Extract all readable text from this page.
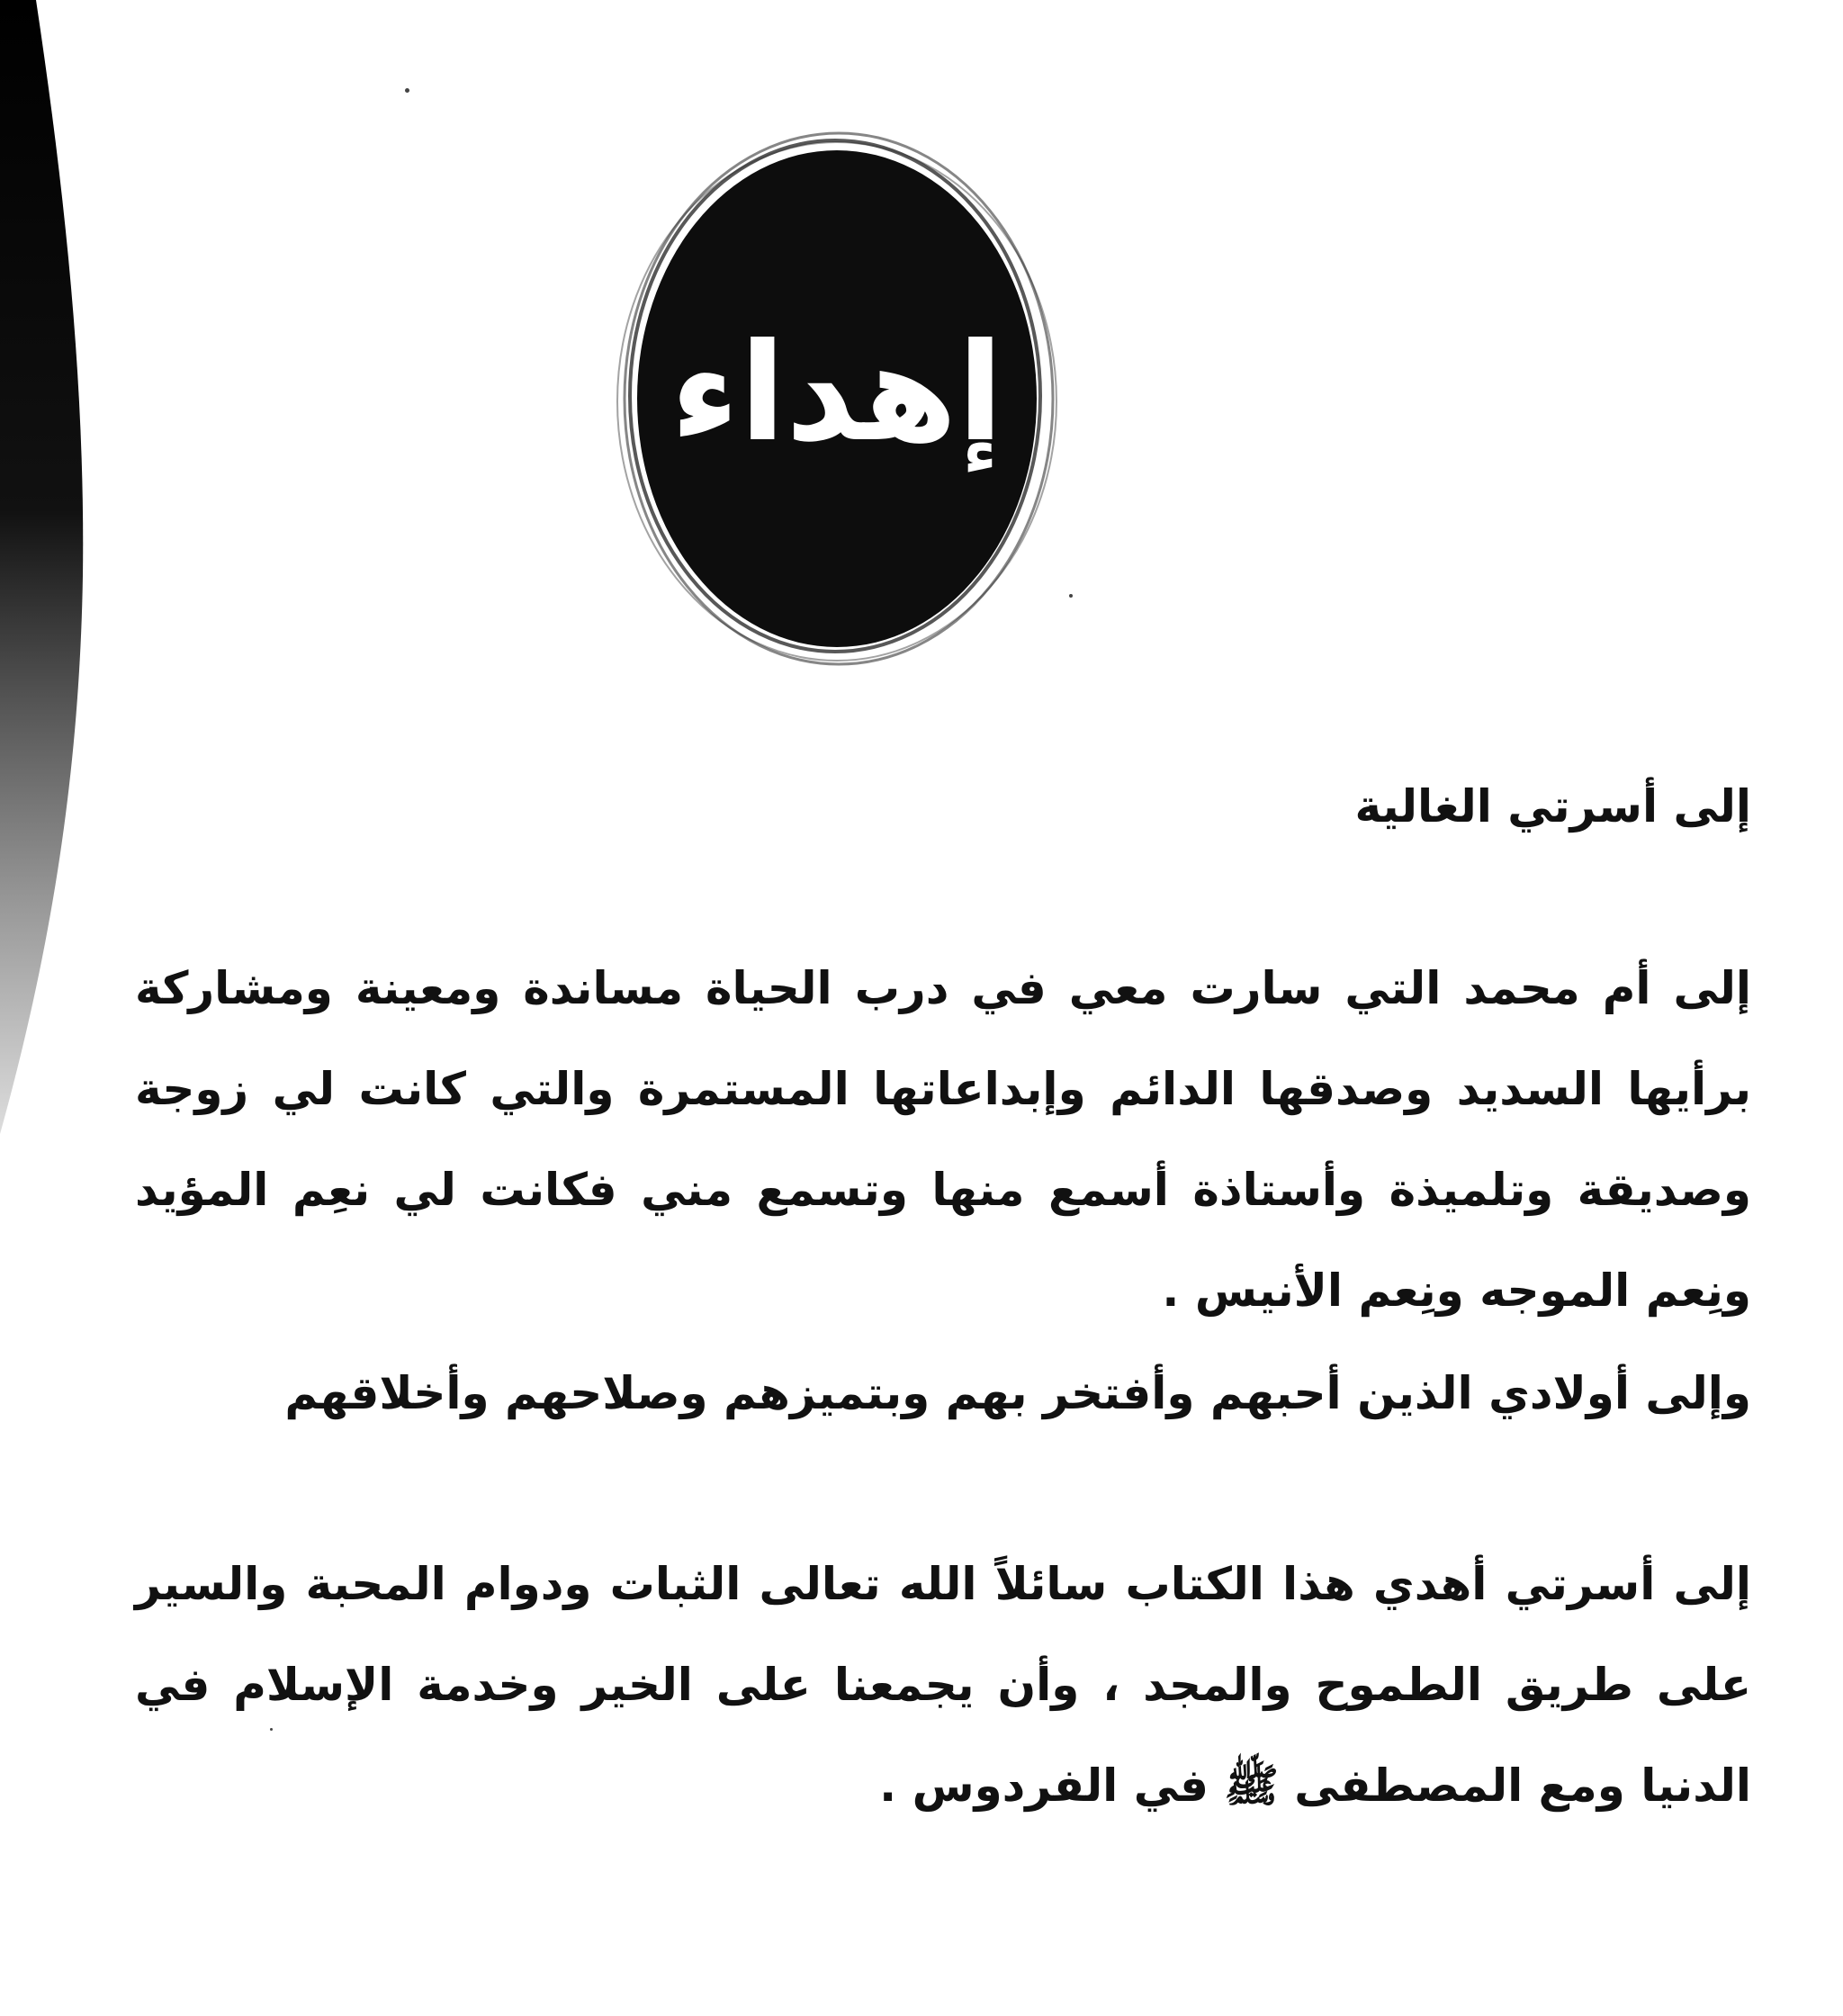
إهداء

إلى أسرتي الغالية

إلى أم محمد التي سارت معي في درب الحياة مساندة ومعينة ومشاركة برأيها السديد وصدقها الدائم وإبداعاتها المستمرة والتي كانت لي زوجة وصديقة وتلميذة وأستاذة أسمع منها وتسمع مني فكانت لي نعِم المؤيد ونِعم الموجه ونِعم الأنيس .

وإلى أولادي الذين أحبهم وأفتخر بهم وبتميزهم وصلاحهم وأخلاقهم

إلى أسرتي أهدي هذا الكتاب سائلاً الله تعالى الثبات ودوام المحبة والسير على طريق الطموح والمجد ، وأن يجمعنا على الخير وخدمة الإسلام في الدنيا ومع المصطفى ﷺ في الفردوس .
